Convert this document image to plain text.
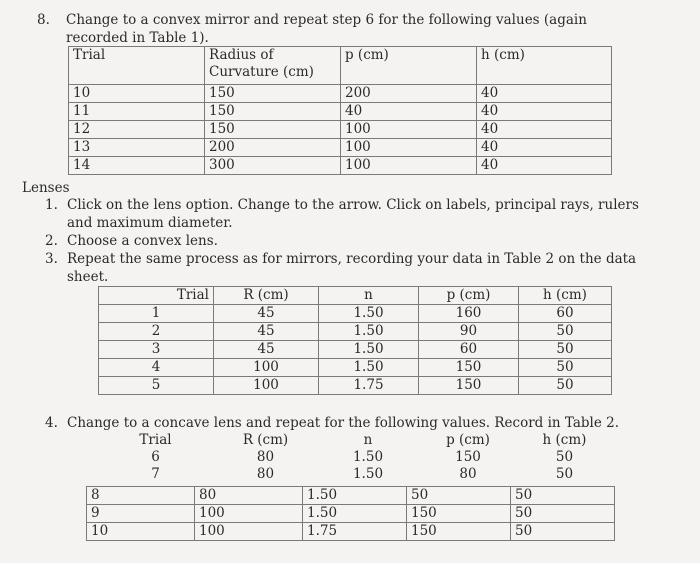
8. Change to a convex mirror and repeat step 6 for the following values (again
recorded in Table 1).
Trial	Radius of
Curvature (cm)	p (cm)	h (cm)
10	150	200	40
11	150	40	40
12	150	100	40
13	200	100	40
14	300	100	40
Lenses
1. Click on the lens option. Change to the arrow. Click on labels, principal rays, rulers
and maximum diameter.
2. Choose a convex lens.
3. Repeat the same process as for mirrors, recording your data in Table 2 on the data
sheet.
Trial	R (cm)	n	p (cm)	h (cm)
1	45	1.50	160	60
2	45	1.50	90	50
3	45	1.50	60	50
4	100	1.50	150	50
5	100	1.75	150	50
4. Change to a concave lens and repeat for the following values. Record in Table 2.
Trial	R (cm)	n	p (cm)	h (cm)
6	80	1.50	150	50
7	80	1.50	80	50
8	80	1.50	50	50
9	100	1.50	150	50
10	100	1.75	150	50
